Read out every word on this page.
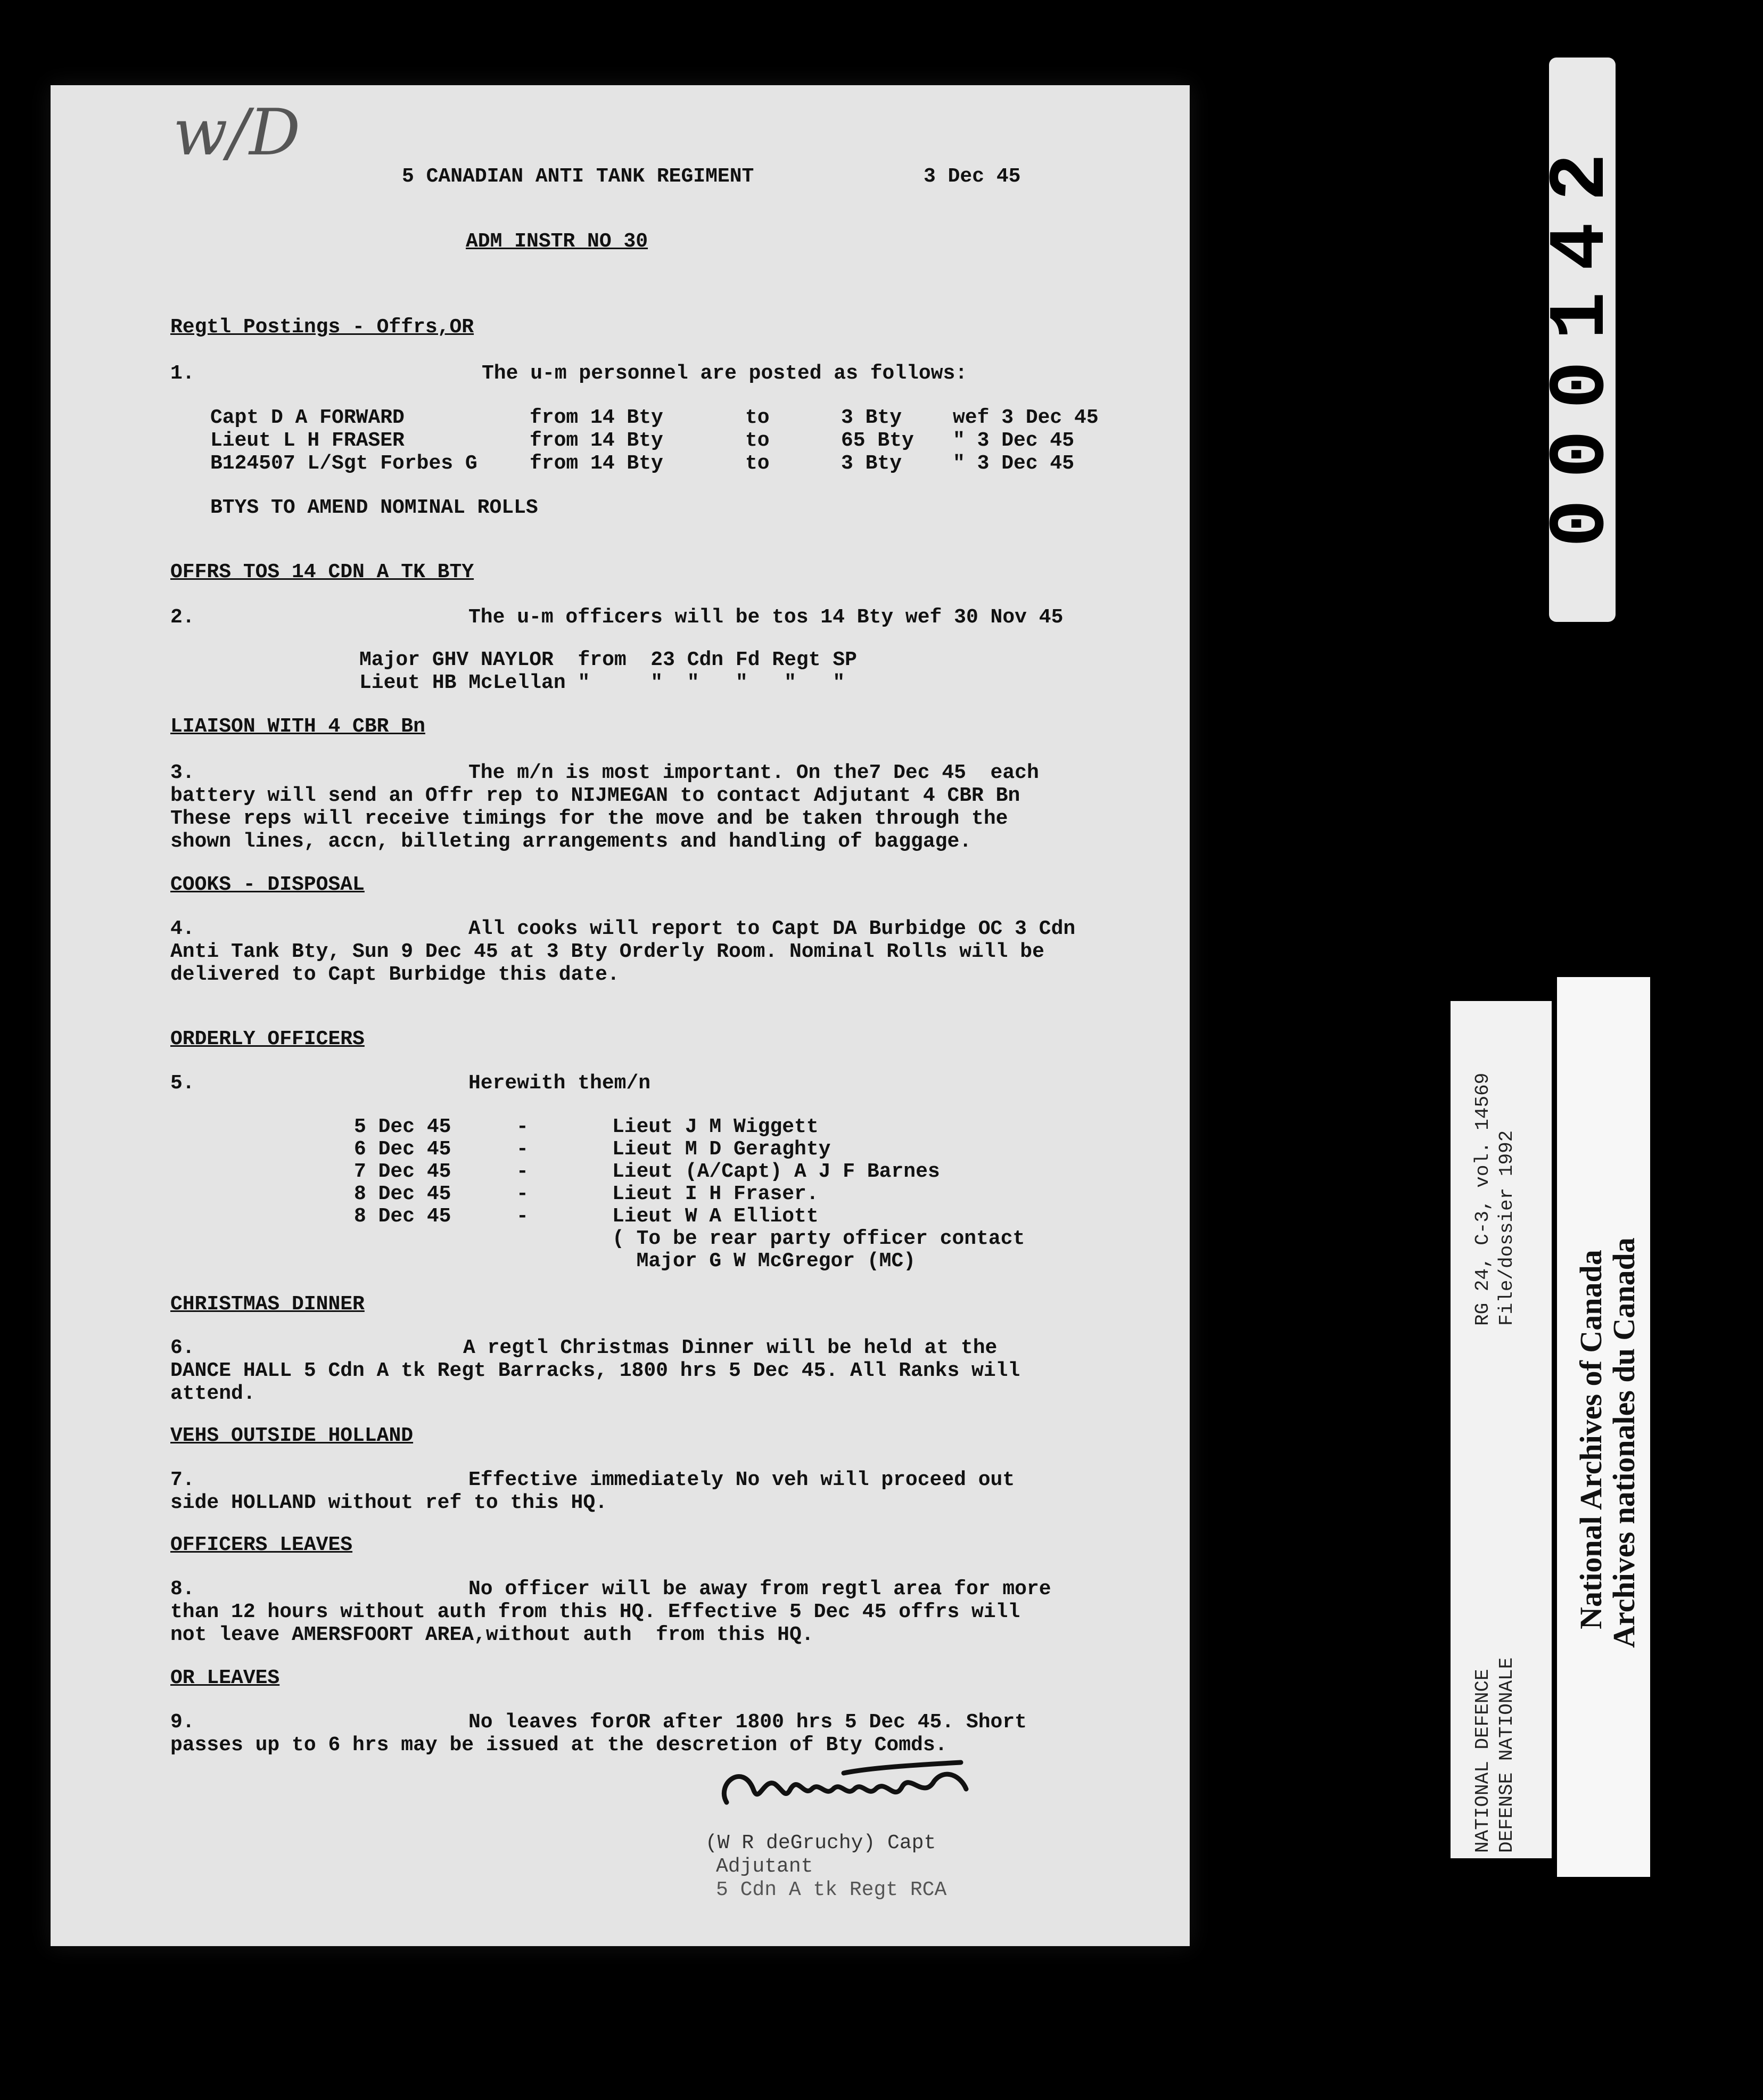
w/D
5 CANADIAN ANTI TANK REGIMENT	3 Dec 45
ADM INSTR NO 30
Regtl Postings - Offrs,OR
1.	The u-m personnel are posted as follows:
Capt D A FORWARD	from 14 Bty	to	3 Bty	wef 3 Dec 45
Lieut L H FRASER	from 14 Bty	to	65 Bty " 3 Dec 45
B124507 L/Sgt Forbes G	from 14 Bty	to	3 Bty	" 3 Dec 45
BTYS TO AMEND NOMINAL ROLLS
OFFRS TOS 14 CDN A TK BTY
2.	The u-m officers will be tos 14 Bty wef 30 Nov 45
Major GHV NAYLOR  from  23 Cdn Fd Regt SP
Lieut HB McLellan "     "  "   "   "   "
LIAISON WITH 4 CBR Bn
3.	The m/n is most important. On the7 Dec 45  each
battery will send an Offr rep to NIJMEGAN to contact Adjutant 4 CBR Bn
These reps will receive timings for the move and be taken through the
shown lines, accn, billeting arrangements and handling of baggage.
COOKS - DISPOSAL
4.	All cooks will report to Capt DA Burbidge OC 3 Cdn
Anti Tank Bty, Sun 9 Dec 45 at 3 Bty Orderly Room. Nominal Rolls will be
delivered to Capt Burbidge this date.
ORDERLY OFFICERS
5.	Herewith them/n
5 Dec 45	-	Lieut J M Wiggett
6 Dec 45	-	Lieut M D Geraghty
7 Dec 45	-	Lieut (A/Capt) A J F Barnes
8 Dec 45	-	Lieut I H Fraser.
8 Dec 45	-	Lieut W A Elliott
( To be rear party officer contact
Major G W McGregor (MC)
CHRISTMAS DINNER
6.	A regtl Christmas Dinner will be held at the
DANCE HALL 5 Cdn A tk Regt Barracks, 1800 hrs 5 Dec 45. All Ranks will
attend.
VEHS OUTSIDE HOLLAND
7.	Effective immediately No veh will proceed out
side HOLLAND without ref to this HQ.
OFFICERS LEAVES
8.	No officer will be away from regtl area for more
than 12 hours without auth from this HQ. Effective 5 Dec 45 offrs will
not leave AMERSFOORT AREA,without auth  from this HQ.
OR LEAVES
9.	No leaves forOR after 1800 hrs 5 Dec 45. Short
passes up to 6 hrs may be issued at the descretion of Bty Comds.
(W R deGruchy) Capt
Adjutant
5 Cdn A tk Regt RCA
000142
RG 24, C-3, vol. 14569 File/dossier 1992
NATIONAL DEFENCE DEFENSE NATIONALE
National Archives of Canada
Archives nationales du Canada
